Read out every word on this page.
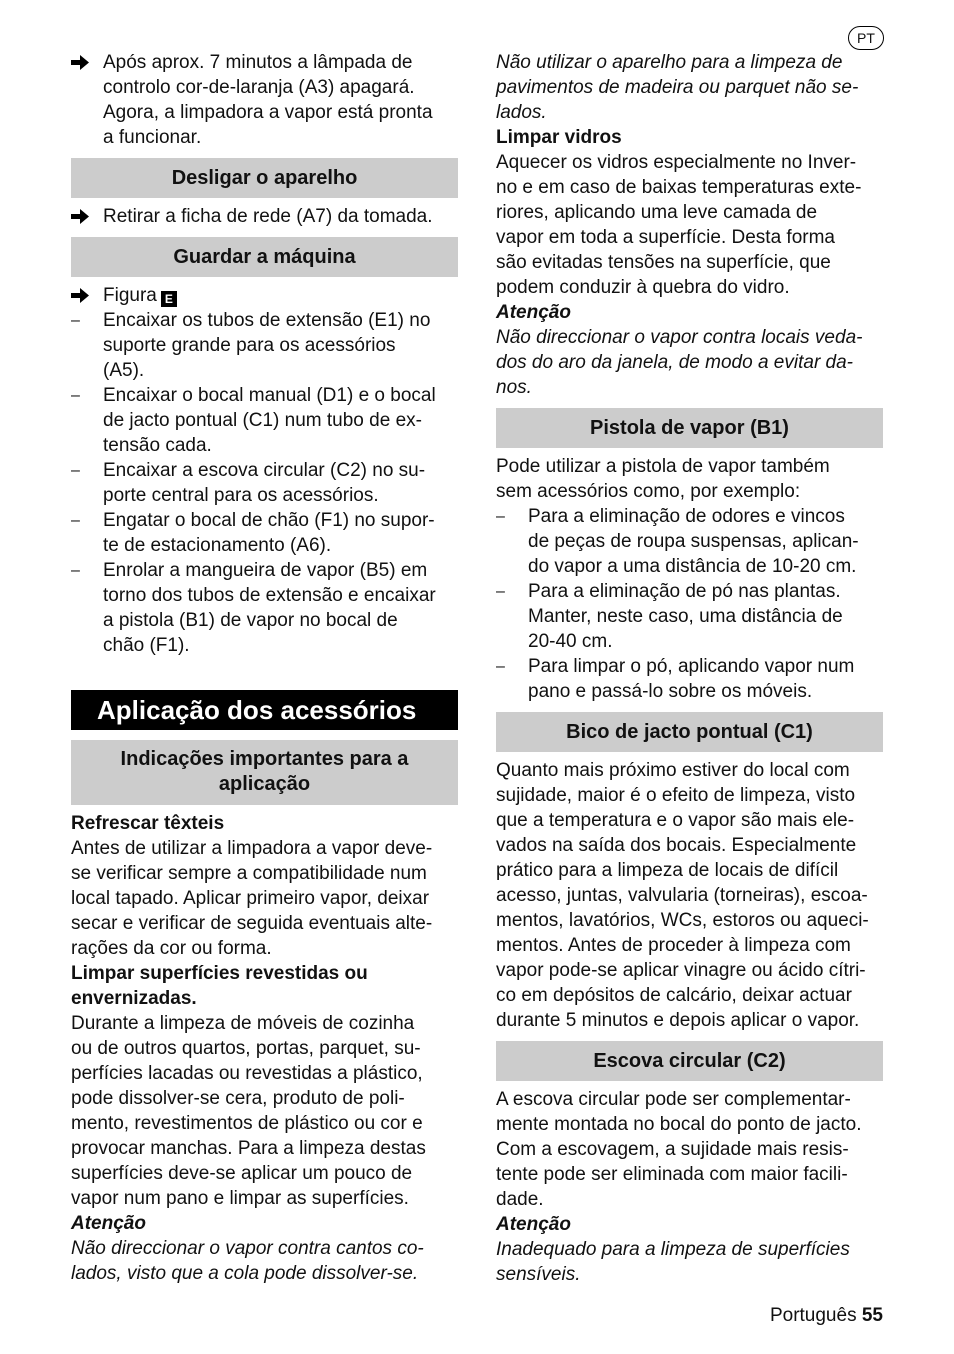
PT
Após aprox. 7 minutos a lâmpada de
controlo cor-de-laranja (A3) apagará.
Agora, a limpadora a vapor está pronta
a funcionar.
Desligar o aparelho
Retirar a ficha de rede (A7) da tomada.
Guardar a máquina
Figura E
–	Encaixar os tubos de extensão (E1) no
suporte grande para os acessórios
(A5).
–	Encaixar o bocal manual (D1) e o bocal
de jacto pontual (C1) num tubo de ex-
tensão cada.
–	Encaixar a escova circular (C2) no su-
porte central para os acessórios.
–	Engatar o bocal de chão (F1) no supor-
te de estacionamento (A6).
–	Enrolar a mangueira de vapor (B5) em
torno dos tubos de extensão e encaixar
a pistola (B1) de vapor no bocal de
chão (F1).
Aplicação dos acessórios
Indicações importantes para a
aplicação
Refrescar têxteis
Antes de utilizar a limpadora a vapor deve-
se verificar sempre a compatibilidade num
local tapado. Aplicar primeiro vapor, deixar
secar e verificar de seguida eventuais alte-
rações da cor ou forma.
Limpar superfícies revestidas ou
envernizadas.
Durante a limpeza de móveis de cozinha
ou de outros quartos, portas, parquet, su-
perfícies lacadas ou revestidas a plástico,
pode dissolver-se cera, produto de poli-
mento, revestimentos de plástico ou cor e
provocar manchas. Para a limpeza destas
superfícies deve-se aplicar um pouco de
vapor num pano e limpar as superfícies.
Atenção
Não direccionar o vapor contra cantos co-
lados, visto que a cola pode dissolver-se.
Não utilizar o aparelho para a limpeza de
pavimentos de madeira ou parquet não se-
lados.
Limpar vidros
Aquecer os vidros especialmente no Inver-
no e em caso de baixas temperaturas exte-
riores, aplicando uma leve camada de
vapor em toda a superfície. Desta forma
são evitadas tensões na superfície, que
podem conduzir à quebra do vidro.
Atenção
Não direccionar o vapor contra locais veda-
dos do aro da janela, de modo a evitar da-
nos.
Pistola de vapor (B1)
Pode utilizar a pistola de vapor também
sem acessórios como, por exemplo:
–	Para a eliminação de odores e vincos
de peças de roupa suspensas, aplican-
do vapor a uma distância de 10-20 cm.
–	Para a eliminação de pó nas plantas.
Manter, neste caso, uma distância de
20-40 cm.
–	Para limpar o pó, aplicando vapor num
pano e passá-lo sobre os móveis.
Bico de jacto pontual (C1)
Quanto mais próximo estiver do local com
sujidade, maior é o efeito de limpeza, visto
que a temperatura e o vapor são mais ele-
vados na saída dos bocais. Especialmente
prático para a limpeza de locais de difícil
acesso, juntas, valvularia (torneiras), escoa-
mentos, lavatórios, WCs, estoros ou aqueci-
mentos. Antes de proceder à limpeza com
vapor pode-se aplicar vinagre ou ácido cítri-
co em depósitos de calcário, deixar actuar
durante 5 minutos e depois aplicar o vapor.
Escova circular (C2)
A escova circular pode ser complementar-
mente montada no bocal do ponto de jacto.
Com a escovagem, a sujidade mais resis-
tente pode ser eliminada com maior facili-
dade.
Atenção
Inadequado para a limpeza de superfícies
sensíveis.
Português 55
